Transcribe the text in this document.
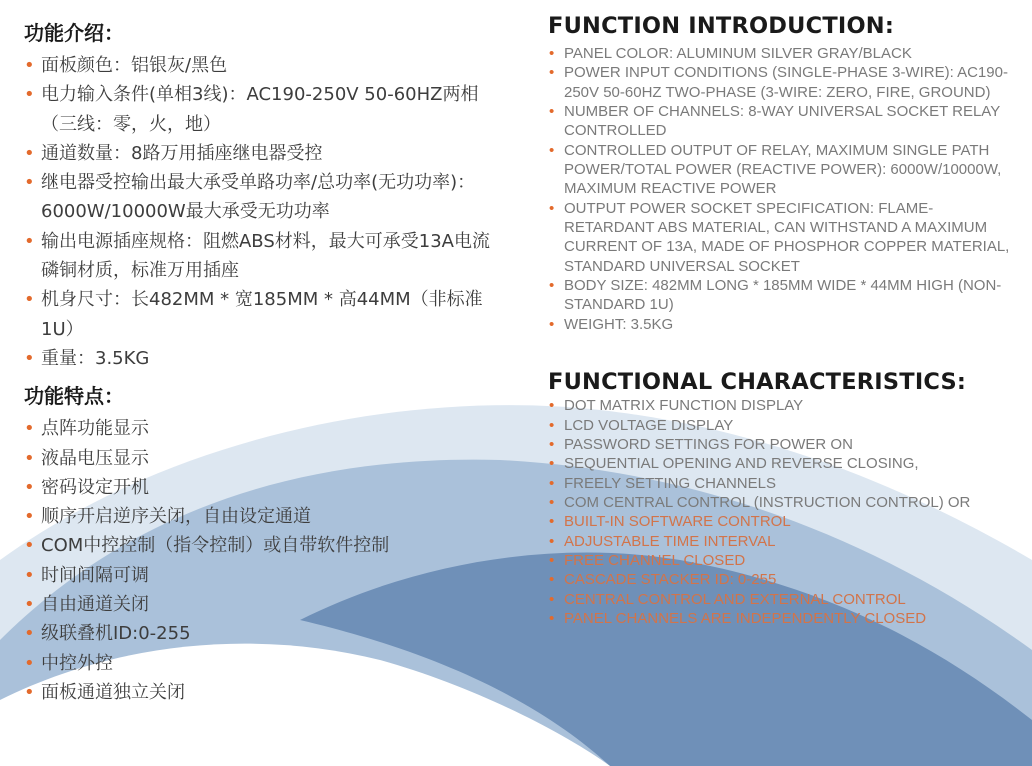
功能介绍：
• 面板颜色：铝银灰/黑色
• 电力输入条件(单相3线)：AC190-250V 50-60HZ两相（三线：零，火，地）
• 通道数量：8路万用插座继电器受控
• 继电器受控输出最大承受单路功率/总功率(无功功率)：6000W/10000W最大承受无功功率
• 输出电源插座规格：阻燃ABS材料，最大可承受13A电流磷铜材质，标准万用插座
• 机身尺寸：长482MM * 宽185MM * 高44MM（非标准1U）
• 重量：3.5KG
功能特点：
• 点阵功能显示
• 液晶电压显示
• 密码设定开机
• 顺序开启逆序关闭，自由设定通道
• COM中控控制（指令控制）或自带软件控制
• 时间间隔可调
• 自由通道关闭
• 级联叠机ID:0-255
• 中控外控
• 面板通道独立关闭
FUNCTION INTRODUCTION:
• PANEL COLOR: ALUMINUM SILVER GRAY/BLACK
• POWER INPUT CONDITIONS (SINGLE-PHASE 3-WIRE): AC190-250V 50-60HZ TWO-PHASE (3-WIRE: ZERO, FIRE, GROUND)
• NUMBER OF CHANNELS: 8-WAY UNIVERSAL SOCKET RELAY CONTROLLED
• CONTROLLED OUTPUT OF RELAY, MAXIMUM SINGLE PATH POWER/TOTAL POWER (REACTIVE POWER): 6000W/10000W, MAXIMUM REACTIVE POWER
• OUTPUT POWER SOCKET SPECIFICATION: FLAME-RETARDANT ABS MATERIAL, CAN WITHSTAND A MAXIMUM CURRENT OF 13A, MADE OF PHOSPHOR COPPER MATERIAL, STANDARD UNIVERSAL SOCKET
• BODY SIZE: 482MM LONG * 185MM WIDE * 44MM HIGH (NON-STANDARD 1U)
• WEIGHT: 3.5KG
FUNCTIONAL CHARACTERISTICS:
• DOT MATRIX FUNCTION DISPLAY
• LCD VOLTAGE DISPLAY
• PASSWORD SETTINGS FOR POWER ON
• SEQUENTIAL OPENING AND REVERSE CLOSING,
• FREELY SETTING CHANNELS
• COM CENTRAL CONTROL (INSTRUCTION CONTROL) OR
• BUILT-IN SOFTWARE CONTROL
• ADJUSTABLE TIME INTERVAL
• FREE CHANNEL CLOSED
• CASCADE STACKER ID: 0-255
• CENTRAL CONTROL AND EXTERNAL CONTROL
• PANEL CHANNELS ARE INDEPENDENTLY CLOSED
